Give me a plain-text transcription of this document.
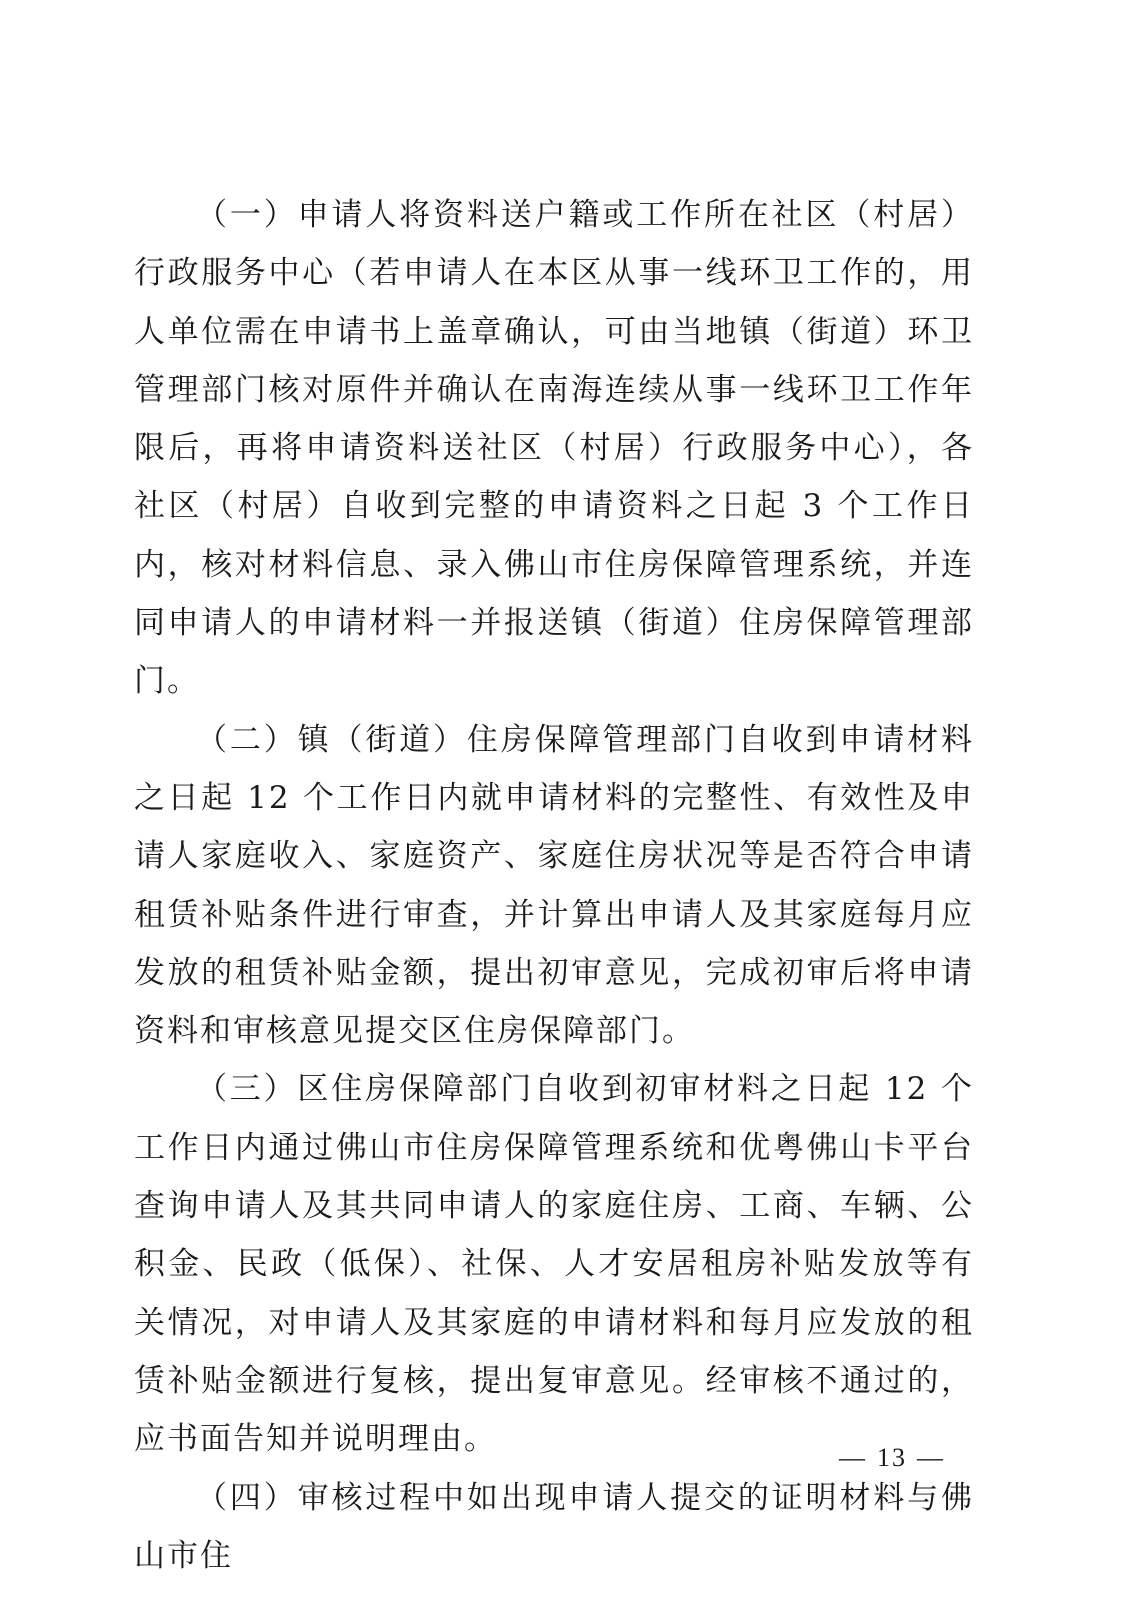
（一）申请人将资料送户籍或工作所在社区（村居）行政服务中心（若申请人在本区从事一线环卫工作的，用人单位需在申请书上盖章确认，可由当地镇（街道）环卫管理部门核对原件并确认在南海连续从事一线环卫工作年限后，再将申请资料送社区（村居）行政服务中心），各社区（村居）自收到完整的申请资料之日起 3 个工作日内，核对材料信息、录入佛山市住房保障管理系统，并连同申请人的申请材料一并报送镇（街道）住房保障管理部门。

（二）镇（街道）住房保障管理部门自收到申请材料之日起 12 个工作日内就申请材料的完整性、有效性及申请人家庭收入、家庭资产、家庭住房状况等是否符合申请租赁补贴条件进行审查，并计算出申请人及其家庭每月应发放的租赁补贴金额，提出初审意见，完成初审后将申请资料和审核意见提交区住房保障部门。

（三）区住房保障部门自收到初审材料之日起 12 个工作日内通过佛山市住房保障管理系统和优粤佛山卡平台查询申请人及其共同申请人的家庭住房、工商、车辆、公积金、民政（低保）、社保、人才安居租房补贴发放等有关情况，对申请人及其家庭的申请材料和每月应发放的租赁补贴金额进行复核，提出复审意见。经审核不通过的，应书面告知并说明理由。

（四）审核过程中如出现申请人提交的证明材料与佛山市住

— 13 —
